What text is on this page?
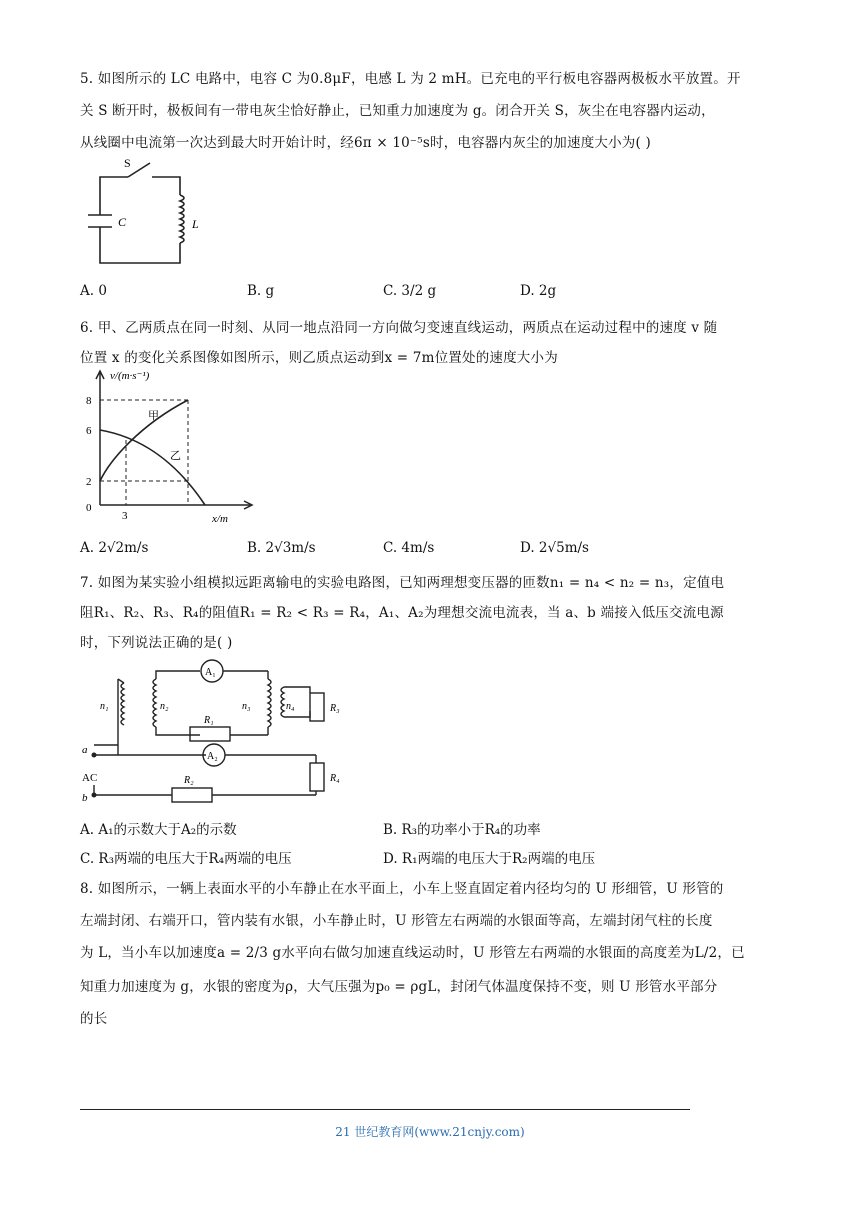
5. 如图所示的 LC 电路中，电容 C 为0.8μF，电感 L 为 2 mH。已充电的平行板电容器两极板水平放置。开
关 S 断开时，极板间有一带电灰尘恰好静止，已知重力加速度为 g。闭合开关 S，灰尘在电容器内运动，
从线圈中电流第一次达到最大时开始计时，经6π × 10⁻⁵s时，电容器内灰尘的加速度大小为( )
S
C	L
A. 0	B. g	C. 3/2 g	D. 2g
6. 甲、乙两质点在同一时刻、从同一地点沿同一方向做匀变速直线运动，两质点在运动过程中的速度 v 随
位置 x 的变化关系图像如图所示，则乙质点运动到x = 7m位置处的速度大小为
v/(m·s⁻¹)
x/m
0
8
6
2
3
甲
乙
A. 2√2m/s	B. 2√3m/s	C. 4m/s	D. 2√5m/s
7. 如图为某实验小组模拟远距离输电的实验电路图，已知两理想变压器的匝数n₁ = n₄ < n₂ = n₃，定值电
阻R₁、R₂、R₃、R₄的阻值R₁ = R₂ < R₃ = R₄，A₁、A₂为理想交流电流表，当 a、b 端接入低压交流电源
时，下列说法正确的是( )
n₁	n₂	n₃	n₄
A₁
A₂
R₁
R₂
R₃
R₄
a
AC
b
A. A₁的示数大于A₂的示数	B. R₃的功率小于R₄的功率
C. R₃两端的电压大于R₄两端的电压	D. R₁两端的电压大于R₂两端的电压
8. 如图所示，一辆上表面水平的小车静止在水平面上，小车上竖直固定着内径均匀的 U 形细管，U 形管的
左端封闭、右端开口，管内装有水银，小车静止时，U 形管左右两端的水银面等高，左端封闭气柱的长度
为 L，当小车以加速度a = 2/3 g水平向右做匀加速直线运动时，U 形管左右两端的水银面的高度差为L/2，已
知重力加速度为 g，水银的密度为ρ，大气压强为p₀ = ρgL，封闭气体温度保持不变，则 U 形管水平部分
的长
21 世纪教育网(www.21cnjy.com)
